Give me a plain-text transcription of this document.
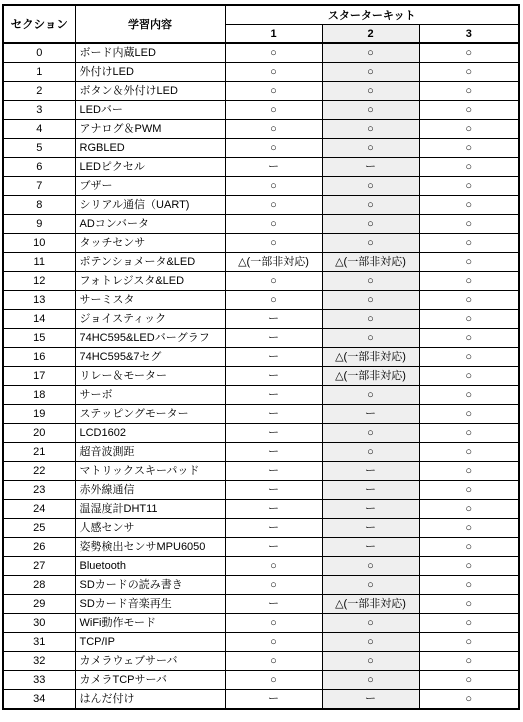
セクション	学習内容	スターターキット		
		1	2	3
0	ボード内蔵LED	○	○	○
1	外付けLED	○	○	○
2	ボタン＆外付けLED	○	○	○
3	LEDバー	○	○	○
4	アナログ＆PWM	○	○	○
5	RGBLED	○	○	○
6	LEDピクセル	ー	ー	○
7	ブザー	○	○	○
8	シリアル通信（UART)	○	○	○
9	ADコンバータ	○	○	○
10	タッチセンサ	○	○	○
11	ポテンショメータ&LED	△(一部非対応)	△(一部非対応)	○
12	フォトレジスタ&LED	○	○	○
13	サーミスタ	○	○	○
14	ジョイスティック	ー	○	○
15	74HC595&LEDバーグラフ	ー	○	○
16	74HC595&7セグ	ー	△(一部非対応)	○
17	リレー＆モーター	ー	△(一部非対応)	○
18	サーボ	ー	○	○
19	ステッピングモーター	ー	ー	○
20	LCD1602	ー	○	○
21	超音波測距	ー	○	○
22	マトリックスキーパッド	ー	ー	○
23	赤外線通信	ー	ー	○
24	温湿度計DHT11	ー	ー	○
25	人感センサ	ー	ー	○
26	姿勢検出センサMPU6050	ー	ー	○
27	Bluetooth	○	○	○
28	SDカードの読み書き	○	○	○
29	SDカード音楽再生	ー	△(一部非対応)	○
30	WiFi動作モード	○	○	○
31	TCP/IP	○	○	○
32	カメラウェブサーバ	○	○	○
33	カメラTCPサーバ	○	○	○
34	はんだ付け	ー	ー	○
